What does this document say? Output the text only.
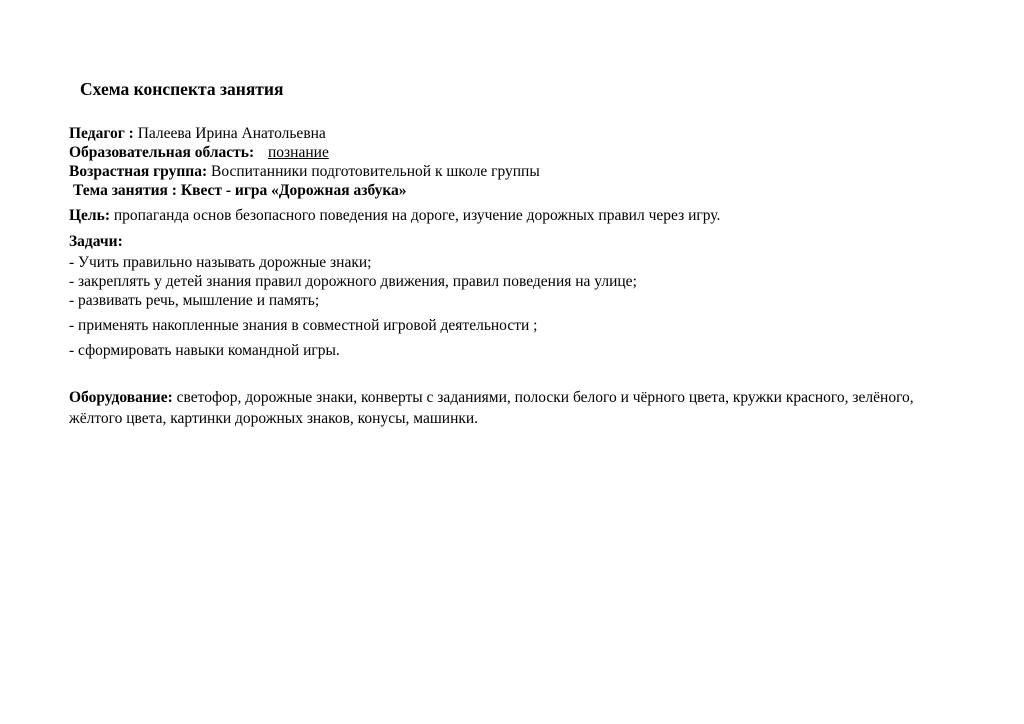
Схема конспекта занятия
Педагог : Палеева Ирина Анатольевна
Образовательная область: познание
Возрастная группа: Воспитанники подготовительной к школе группы
Тема занятия : Квест - игра «Дорожная азбука»
Цель: пропаганда основ безопасного поведения на дороге, изучение дорожных правил через игру.
Задачи:
- Учить правильно называть дорожные знаки;
- закреплять у детей знания правил дорожного движения, правил поведения на улице;
- развивать речь, мышление и память;
- применять накопленные знания в совместной игровой деятельности ;
- сформировать навыки командной игры.
Оборудование: светофор, дорожные знаки, конверты с заданиями, полоски белого и чёрного цвета, кружки красного, зелёного, жёлтого цвета, картинки дорожных знаков, конусы, машинки.
